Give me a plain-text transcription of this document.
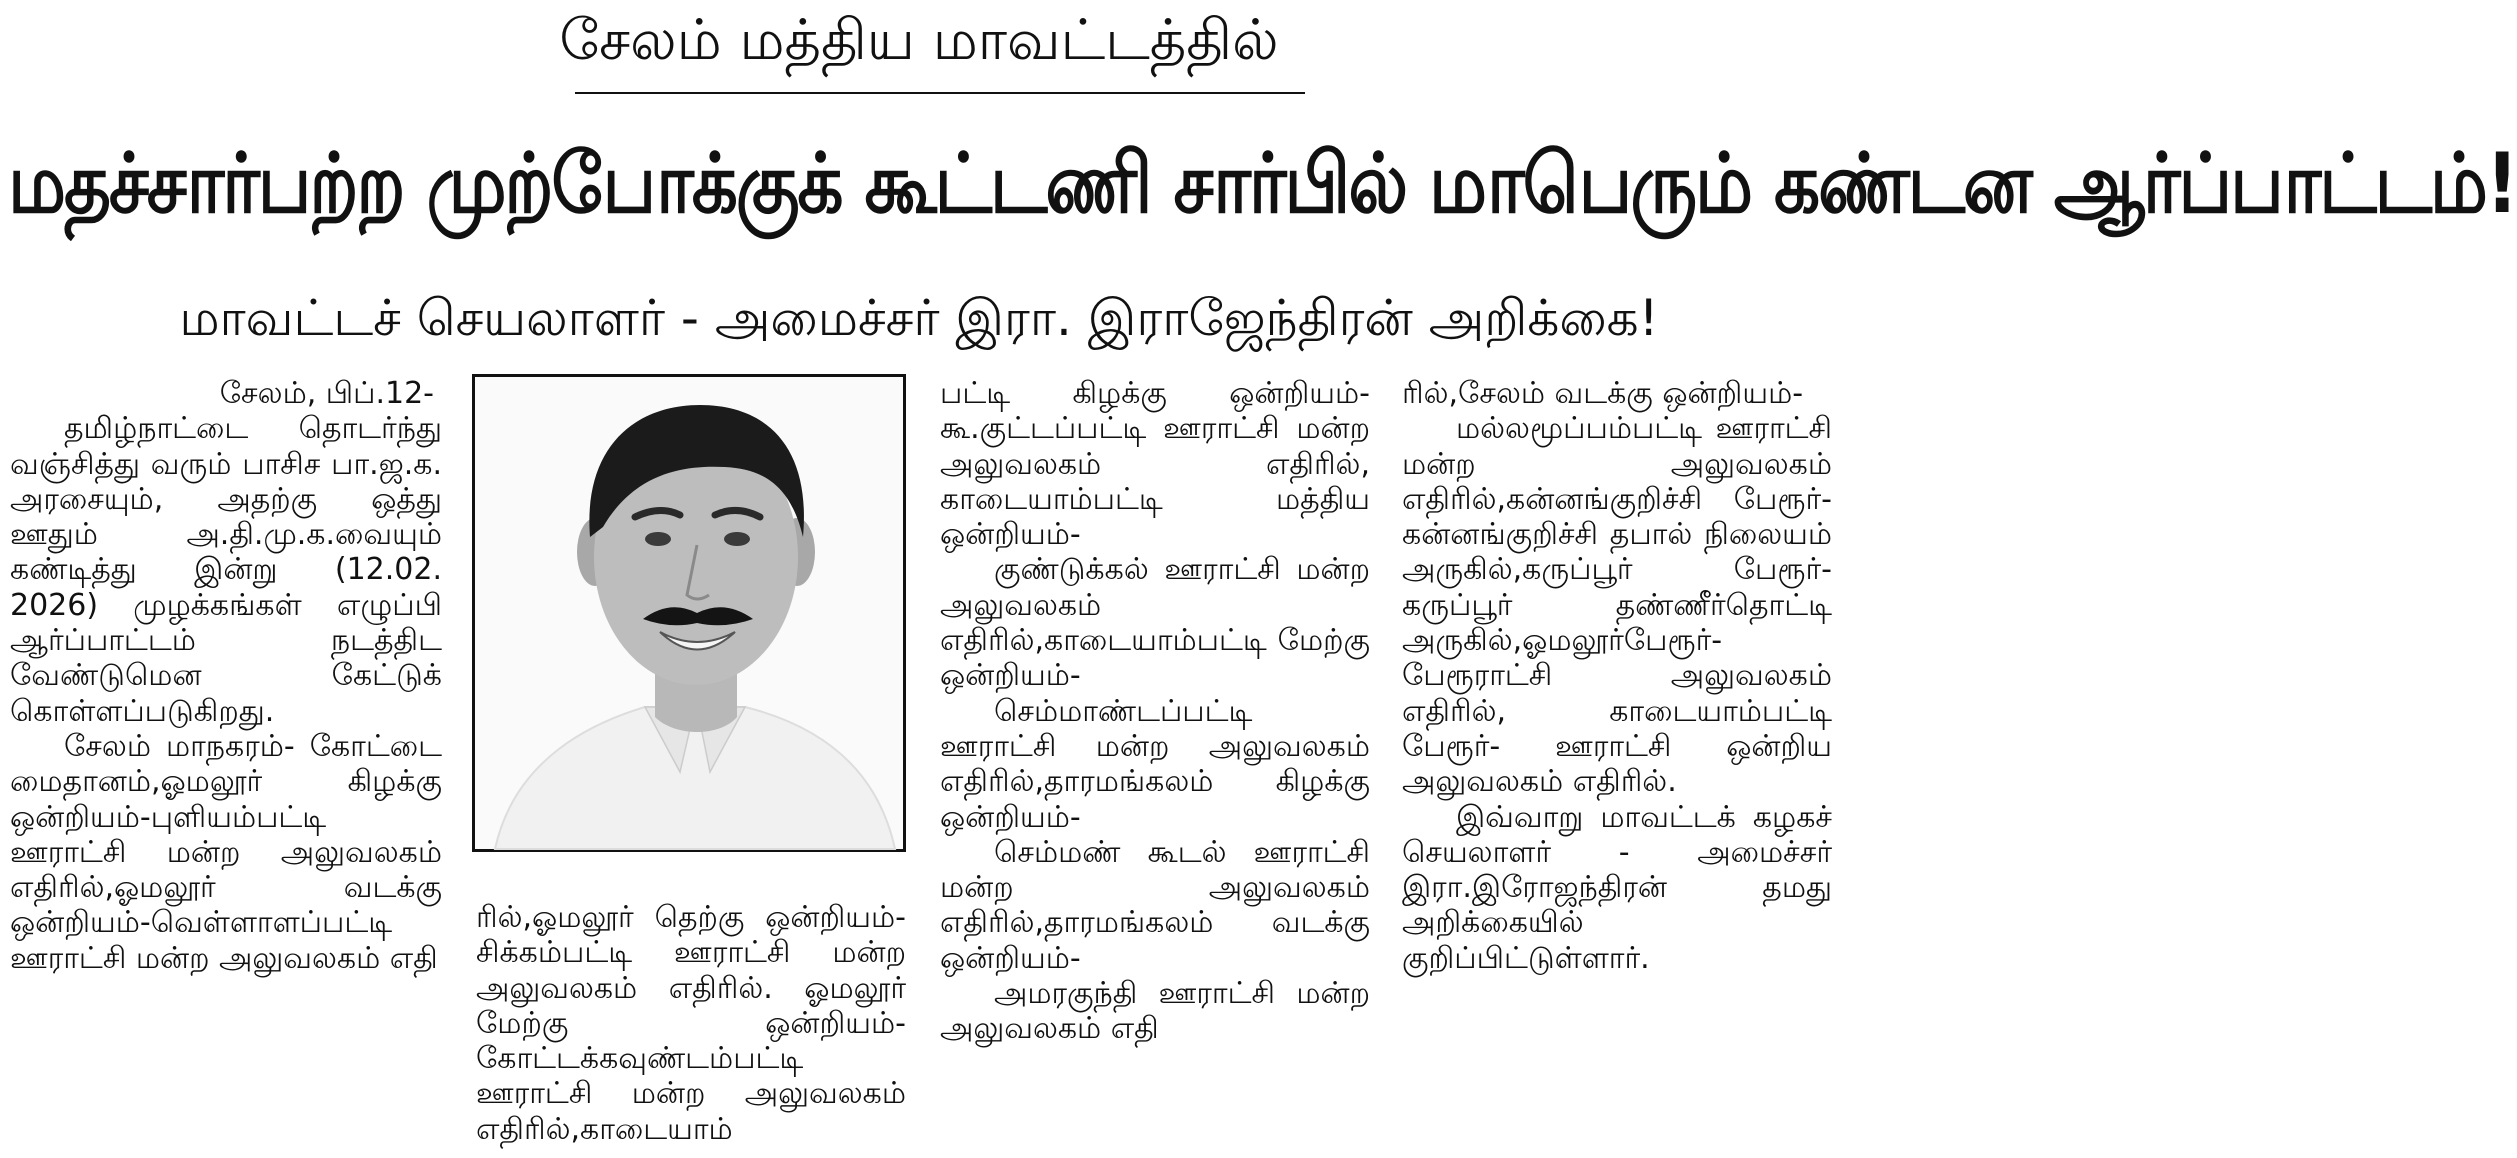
சேலம் மத்திய மாவட்டத்தில்
மதச்சார்பற்ற முற்போக்குக் கூட்டணி சார்பில் மாபெரும் கண்டன ஆர்ப்பாட்டம்!
மாவட்டச் செயலாளர் - அமைச்சர் இரா. இராஜேந்திரன் அறிக்கை!

சேலம், பிப்.12-

தமிழ்நாட்டை தொடர்ந்து வஞ்சித்து வரும் பாசிச பா.ஜ.க. அரசையும், அதற்கு ஒத்து ஊதும் அ.தி.மு.க.வையும் கண்டித்து இன்று (12.02. 2026) முழக்கங்கள் எழுப்பி ஆர்ப்பாட்டம் நடத்திட வேண்டுமென கேட்டுக் கொள்ளப்படுகிறது.

சேலம் மாநகரம்- கோட்டை மைதானம்,ஓமலூர் கிழக்கு ஒன்றியம்-புளியம்பட்டி ஊராட்சி மன்ற அலுவலகம் எதிரில்,ஓமலூர் வடக்கு ஒன்றியம்-வெள்ளாளப்பட்டி ஊராட்சி மன்ற அலுவலகம் எதி

ரில்,ஓமலூர் தெற்கு ஒன்றியம்-சிக்கம்பட்டி ஊராட்சி மன்ற அலுவலகம் எதிரில். ஓமலூர் மேற்கு ஒன்றியம்-கோட்டக்கவுண்டம்பட்டி ஊராட்சி மன்ற அலுவலகம் எதிரில்,காடையாம்

பட்டி கிழக்கு ஒன்றியம்- கூ.குட்டப்பட்டி ஊராட்சி மன்ற அலுவலகம் எதிரில், காடையாம்பட்டி மத்திய ஒன்றியம்-

குண்டுக்கல் ஊராட்சி மன்ற அலுவலகம் எதிரில்,காடையாம்பட்டி மேற்கு ஒன்றியம்-

செம்மாண்டப்பட்டி ஊராட்சி மன்ற அலுவலகம் எதிரில்,தாரமங்கலம் கிழக்கு ஒன்றியம்-

செம்மண் கூடல் ஊராட்சி மன்ற அலுவலகம் எதிரில்,தாரமங்கலம் வடக்கு ஒன்றியம்-

அமரகுந்தி ஊராட்சி மன்ற அலுவலகம் எதி

ரில்,சேலம் வடக்கு ஒன்றியம்-

மல்லமூப்பம்பட்டி ஊராட்சி மன்ற அலுவலகம் எதிரில்,கன்னங்குறிச்சி பேரூர்-கன்னங்குறிச்சி தபால் நிலையம் அருகில்,கருப்பூர் பேரூர்-கருப்பூர் தண்ணீர்தொட்டி அருகில்,ஓமலூர்பேரூர்- பேரூராட்சி அலுவலகம் எதிரில், காடையாம்பட்டி பேரூர்- ஊராட்சி ஒன்றிய அலுவலகம் எதிரில்.

இவ்வாறு மாவட்டக் கழகச் செயலாளர் - அமைச்சர் இரா.இரோஜந்திரன் தமது அறிக்கையில் குறிப்பிட்டுள்ளார்.
